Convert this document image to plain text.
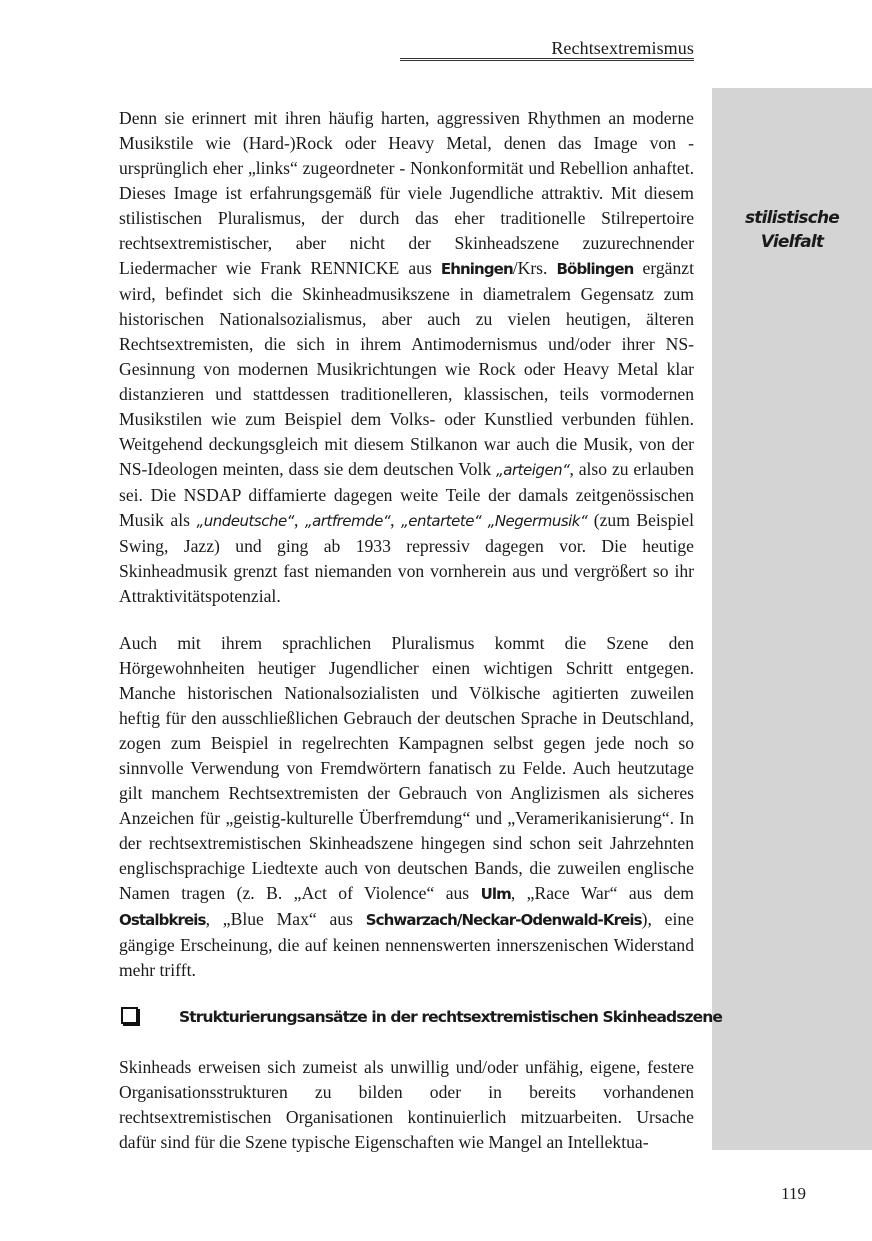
Rechtsextremismus
stilistische
Vielfalt

Denn sie erinnert mit ihren häufig harten, aggressiven Rhythmen an moderne Musikstile wie (Hard-)Rock oder Heavy Metal, denen das Image von - ursprünglich eher „links“ zugeordneter - Nonkonformität und Rebellion anhaftet. Dieses Image ist erfahrungsgemäß für viele Jugendliche attraktiv. Mit diesem stilistischen Pluralismus, der durch das eher traditionelle Stilrepertoire rechtsextremistischer, aber nicht der Skinheadszene zuzurechnender Liedermacher wie Frank RENNICKE aus Ehningen/Krs. Böblingen ergänzt wird, befindet sich die Skinheadmusikszene in diametralem Gegensatz zum historischen Nationalsozialismus, aber auch zu vielen heutigen, älteren Rechtsextremisten, die sich in ihrem Antimodernismus und/oder ihrer NS-Gesinnung von modernen Musikrichtungen wie Rock oder Heavy Metal klar distanzieren und stattdessen traditionelleren, klassischen, teils vormodernen Musikstilen wie zum Beispiel dem Volks- oder Kunstlied verbunden fühlen. Weitgehend deckungsgleich mit diesem Stilkanon war auch die Musik, von der NS-Ideologen meinten, dass sie dem deutschen Volk „arteigen“, also zu erlauben sei. Die NSDAP diffamierte dagegen weite Teile der damals zeitgenössischen Musik als „undeutsche“, „artfremde“, „entartete“ „Negermusik“ (zum Beispiel Swing, Jazz) und ging ab 1933 repressiv dagegen vor. Die heutige Skinheadmusik grenzt fast niemanden von vornherein aus und vergrößert so ihr Attraktivitätspotenzial.

Auch mit ihrem sprachlichen Pluralismus kommt die Szene den Hörgewohnheiten heutiger Jugendlicher einen wichtigen Schritt entgegen. Manche historischen Nationalsozialisten und Völkische agitierten zuweilen heftig für den ausschließlichen Gebrauch der deutschen Sprache in Deutschland, zogen zum Beispiel in regelrechten Kampagnen selbst gegen jede noch so sinnvolle Verwendung von Fremdwörtern fanatisch zu Felde. Auch heutzutage gilt manchem Rechtsextremisten der Gebrauch von Anglizismen als sicheres Anzeichen für „geistig-kulturelle Überfremdung“ und „Veramerikanisierung“. In der rechtsextremistischen Skinheadszene hingegen sind schon seit Jahrzehnten englischsprachige Liedtexte auch von deutschen Bands, die zuweilen englische Namen tragen (z. B. „Act of Violence“ aus Ulm, „Race War“ aus dem Ostalbkreis, „Blue Max“ aus Schwarzach/Neckar-Odenwald-Kreis), eine gängige Erscheinung, die auf keinen nennenswerten innerszenischen Widerstand mehr trifft.

Strukturierungsansätze in der rechtsextremistischen Skinheadszene

Skinheads erweisen sich zumeist als unwillig und/oder unfähig, eigene, festere Organisationsstrukturen zu bilden oder in bereits vorhandenen rechtsextremistischen Organisationen kontinuierlich mitzuarbeiten. Ursache dafür sind für die Szene typische Eigenschaften wie Mangel an Intellektua-

119
